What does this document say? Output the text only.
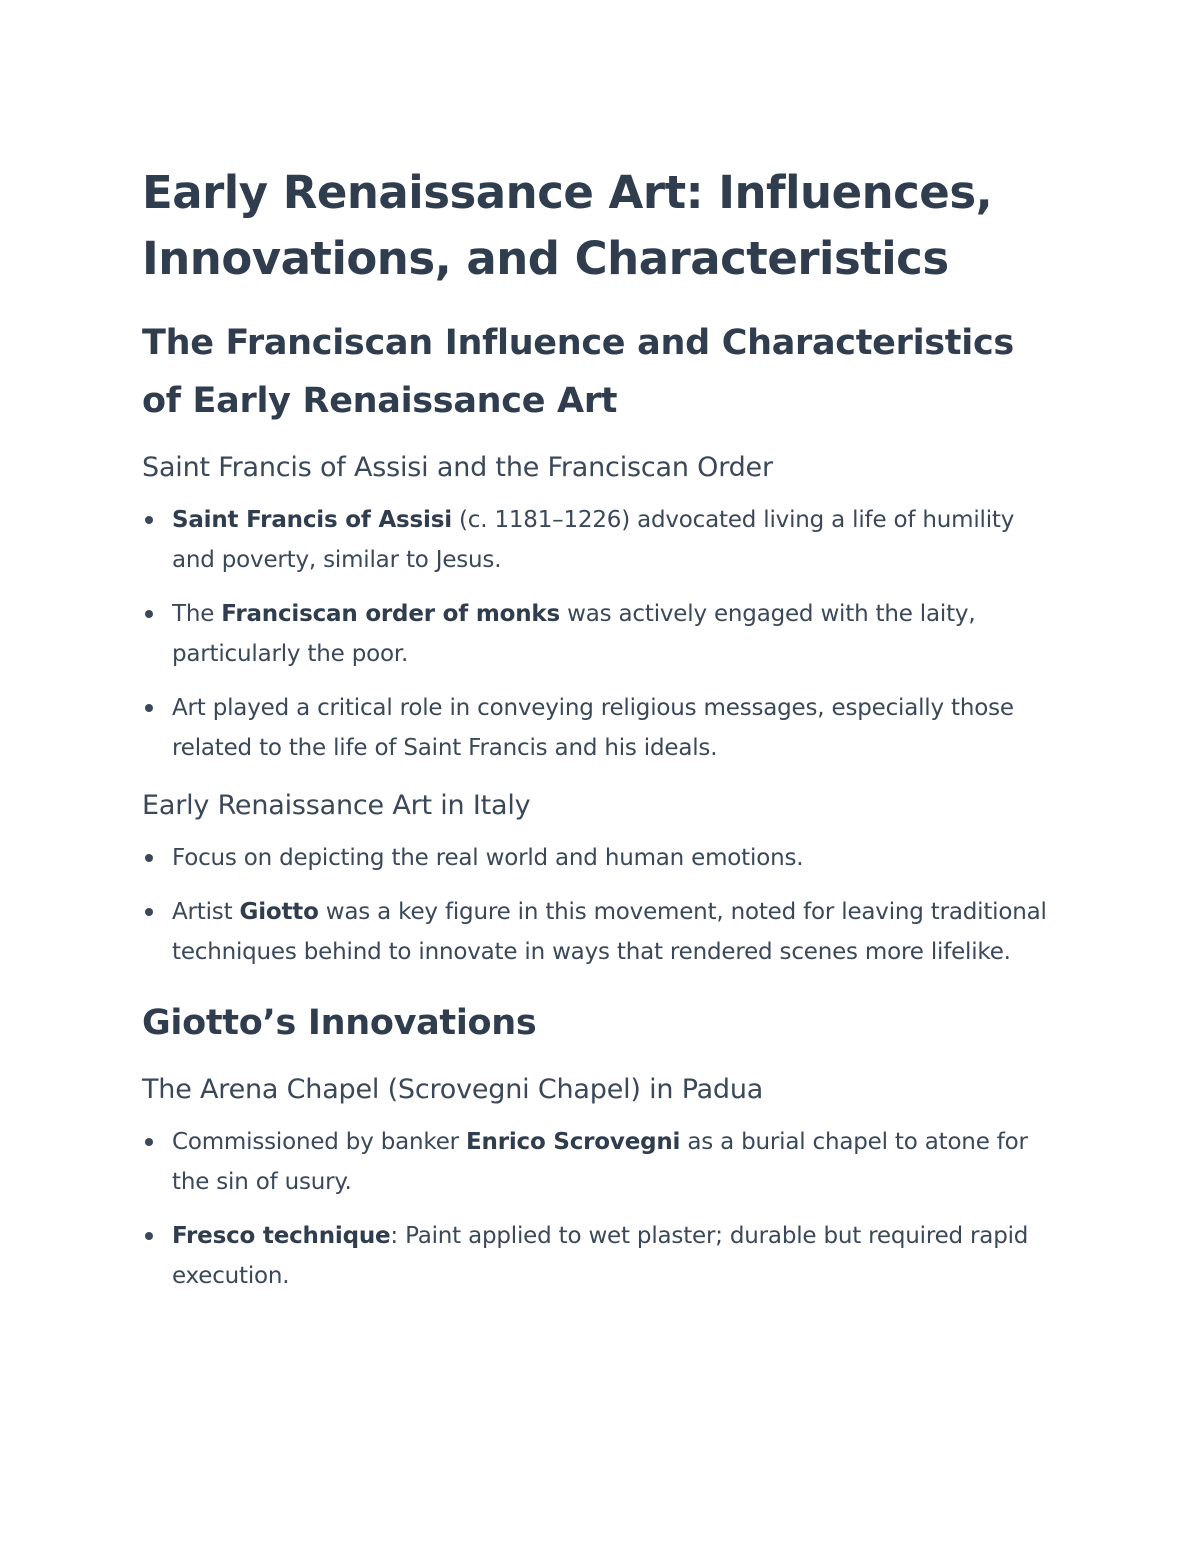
Early Renaissance Art: Influences, Innovations, and Characteristics
The Franciscan Influence and Characteristics of Early Renaissance Art
Saint Francis of Assisi and the Franciscan Order
Saint Francis of Assisi (c. 1181–1226) advocated living a life of humility and poverty, similar to Jesus.
The Franciscan order of monks was actively engaged with the laity, particularly the poor.
Art played a critical role in conveying religious messages, especially those related to the life of Saint Francis and his ideals.
Early Renaissance Art in Italy
Focus on depicting the real world and human emotions.
Artist Giotto was a key figure in this movement, noted for leaving traditional techniques behind to innovate in ways that rendered scenes more lifelike.
Giotto’s Innovations
The Arena Chapel (Scrovegni Chapel) in Padua
Commissioned by banker Enrico Scrovegni as a burial chapel to atone for the sin of usury.
Fresco technique: Paint applied to wet plaster; durable but required rapid execution.
